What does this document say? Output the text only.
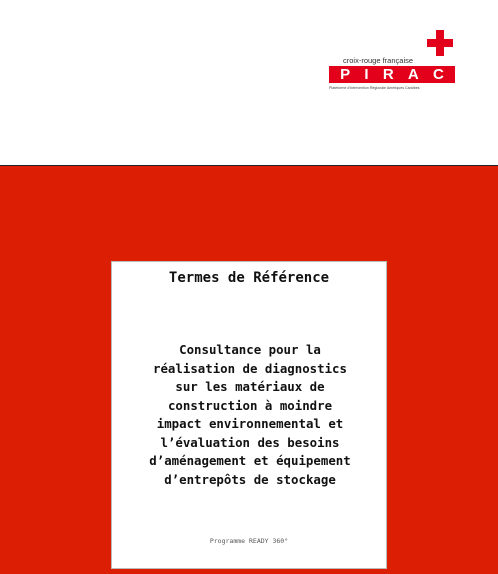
croix-rouge française
P I R A C
Plateforme d'Intervention Régionale Amériques Caraïbes
Termes de Référence
Consultance pour la
réalisation de diagnostics
sur les matériaux de
construction à moindre
impact environnemental et
l’évaluation des besoins
d’aménagement et équipement
d’entrepôts de stockage
Programme READY 360°
